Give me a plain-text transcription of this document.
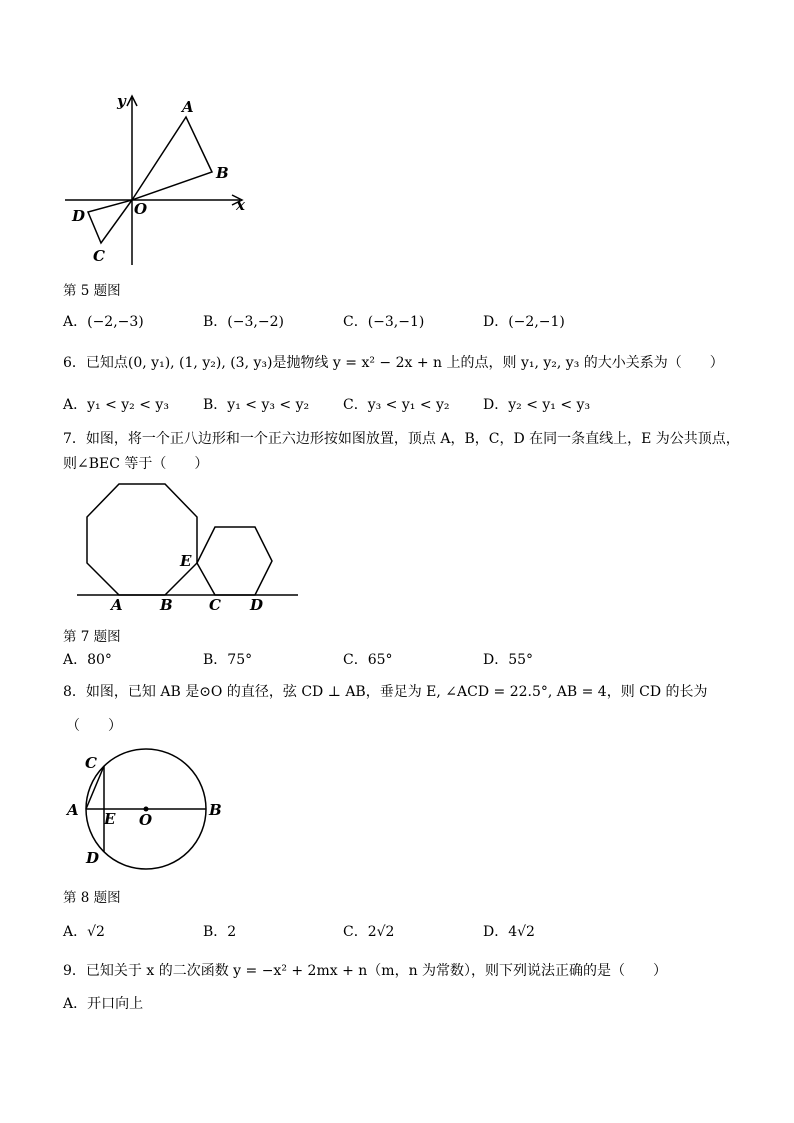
y
x
A
B
O
D
C
第 5 题图
A．(−2,−3)	B．(−3,−2)	C．(−3,−1)	D．(−2,−1)
6．已知点(0, y₁), (1, y₂), (3, y₃)是抛物线 y = x² − 2x + n 上的点，则 y₁, y₂, y₃ 的大小关系为（　　）
A．y₁ < y₂ < y₃ B．y₁ < y₃ < y₂ C．y₃ < y₁ < y₂ D．y₂ < y₁ < y₃
7．如图，将一个正八边形和一个正六边形按如图放置，顶点 A，B，C，D 在同一条直线上，E 为公共顶点，
则∠BEC 等于（　　）
E
A B C D
第 7 题图
A．80°	B．75°	C．65°	D．55°
8．如图，已知 AB 是⊙O 的直径，弦 CD ⊥ AB，垂足为 E, ∠ACD = 22.5°, AB = 4，则 CD 的长为
（　　）
C
A E O
B
D
第 8 题图
A．√2	B．2	C．2√2	D．4√2
9．已知关于 x 的二次函数 y = −x² + 2mx + n（m，n 为常数），则下列说法正确的是（　　）
A．开口向上
